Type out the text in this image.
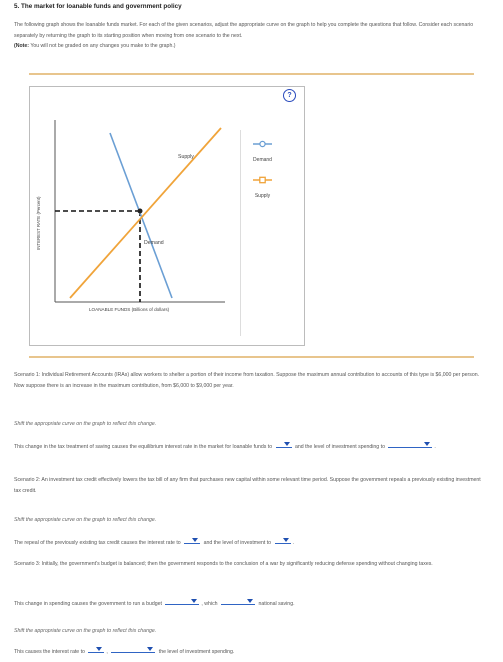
5. The market for loanable funds and government policy
The following graph shows the loanable funds market. For each of the given scenarios, adjust the appropriate curve on the graph to help you complete the questions that follow. Consider each scenario separately by returning the graph to its starting position when moving from one scenario to the next.
(Note: You will not be graded on any changes you make to the graph.)
?
Supply
Demand
INTEREST RATE (Percent)
LOANABLE FUNDS (Billions of dollars)
Demand
Supply
Scenario 1: Individual Retirement Accounts (IRAs) allow workers to shelter a portion of their income from taxation. Suppose the maximum annual contribution to accounts of this type is $6,000 per person. Now suppose there is an increase in the maximum contribution, from $6,000 to $9,000 per year.
Shift the appropriate curve on the graph to reflect this change.
This change in the tax treatment of saving causes the equilibrium interest rate in the market for loanable funds to	and the level of investment spending to	.
Scenario 2: An investment tax credit effectively lowers the tax bill of any firm that purchases new capital within some relevant time period. Suppose the government repeals a previously existing investment tax credit.
Shift the appropriate curve on the graph to reflect this change.
The repeal of the previously existing tax credit causes the interest rate to	and the level of investment to	.
Scenario 3: Initially, the government's budget is balanced; then the government responds to the conclusion of a war by significantly reducing defense spending without changing taxes.
This change in spending causes the government to run a budget	, which	national saving.
Shift the appropriate curve on the graph to reflect this change.
This causes the interest rate to	,	the level of investment spending.
